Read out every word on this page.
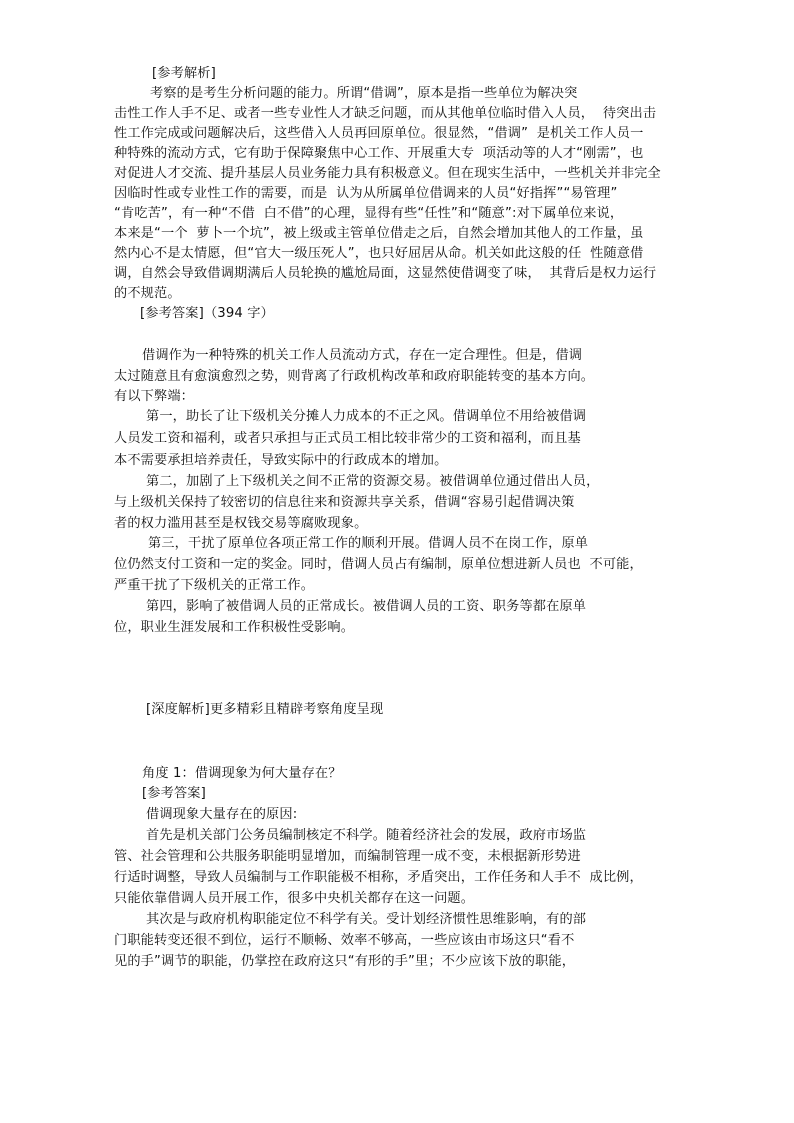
[参考解析]
考察的是考生分析问题的能力。所谓“借调”，原本是指一些单位为解决突
击性工作人手不足、或者一些专业性人才缺乏问题，而从其他单位临时借入人员，  待突出击
性工作完成或问题解决后，这些借入人员再回原单位。很显然，“借调”  是机关工作人员一
种特殊的流动方式，它有助于保障聚焦中心工作、开展重大专  项活动等的人才“刚需”，也
对促进人才交流、提升基层人员业务能力具有积极意义。但在现实生活中，一些机关并非完全
因临时性或专业性工作的需要，而是  认为从所属单位借调来的人员“好指挥”“易管理”
“肯吃苦”，有一种“不借  白不借”的心理，显得有些“任性”和“随意”:对下属单位来说，
本来是“一个  萝卜一个坑”，被上级或主管单位借走之后，自然会增加其他人的工作量，虽
然内心不是太情愿，但“官大一级压死人”，也只好屈居从命。机关如此这般的任  性随意借
调，自然会导致借调期满后人员轮换的尴尬局面，这显然使借调变了味，  其背后是权力运行
的不规范。
[参考答案]（394 字）
借调作为一种特殊的机关工作人员流动方式，存在一定合理性。但是，借调
太过随意且有愈演愈烈之势，则背离了行政机构改革和政府职能转变的基本方向。
有以下弊端：
第一，助长了让下级机关分摊人力成本的不正之风。借调单位不用给被借调
人员发工资和福利，或者只承担与正式员工相比较非常少的工资和福利，而且基
本不需要承担培养责任，导致实际中的行政成本的增加。
第二，加剧了上下级机关之间不正常的资源交易。被借调单位通过借出人员，
与上级机关保持了较密切的信息往来和资源共享关系，借调“容易引起借调决策
者的权力滥用甚至是权钱交易等腐败现象。
第三，干扰了原单位各项正常工作的顺利开展。借调人员不在岗工作，原单
位仍然支付工资和一定的奖金。同时，借调人员占有编制，原单位想进新人员也  不可能，
严重干扰了下级机关的正常工作。
第四，影响了被借调人员的正常成长。被借调人员的工资、职务等都在原单
位，职业生涯发展和工作积极性受影响。
[深度解析]更多精彩且精辟考察角度呈现
角度 1：借调现象为何大量存在？
[参考答案]
借调现象大量存在的原因:
首先是机关部门公务员编制核定不科学。随着经济社会的发展，政府市场监
管、社会管理和公共服务职能明显增加，而编制管理一成不变，未根据新形势进
行适时调整，导致人员编制与工作职能极不相称，矛盾突出，工作任务和人手不  成比例，
只能依靠借调人员开展工作，很多中央机关都存在这一问题。
其次是与政府机构职能定位不科学有关。受计划经济惯性思维影响，有的部
门职能转变还很不到位，运行不顺畅、效率不够高，一些应该由市场这只“看不
见的手”调节的职能，仍掌控在政府这只“有形的手”里；不少应该下放的职能，
